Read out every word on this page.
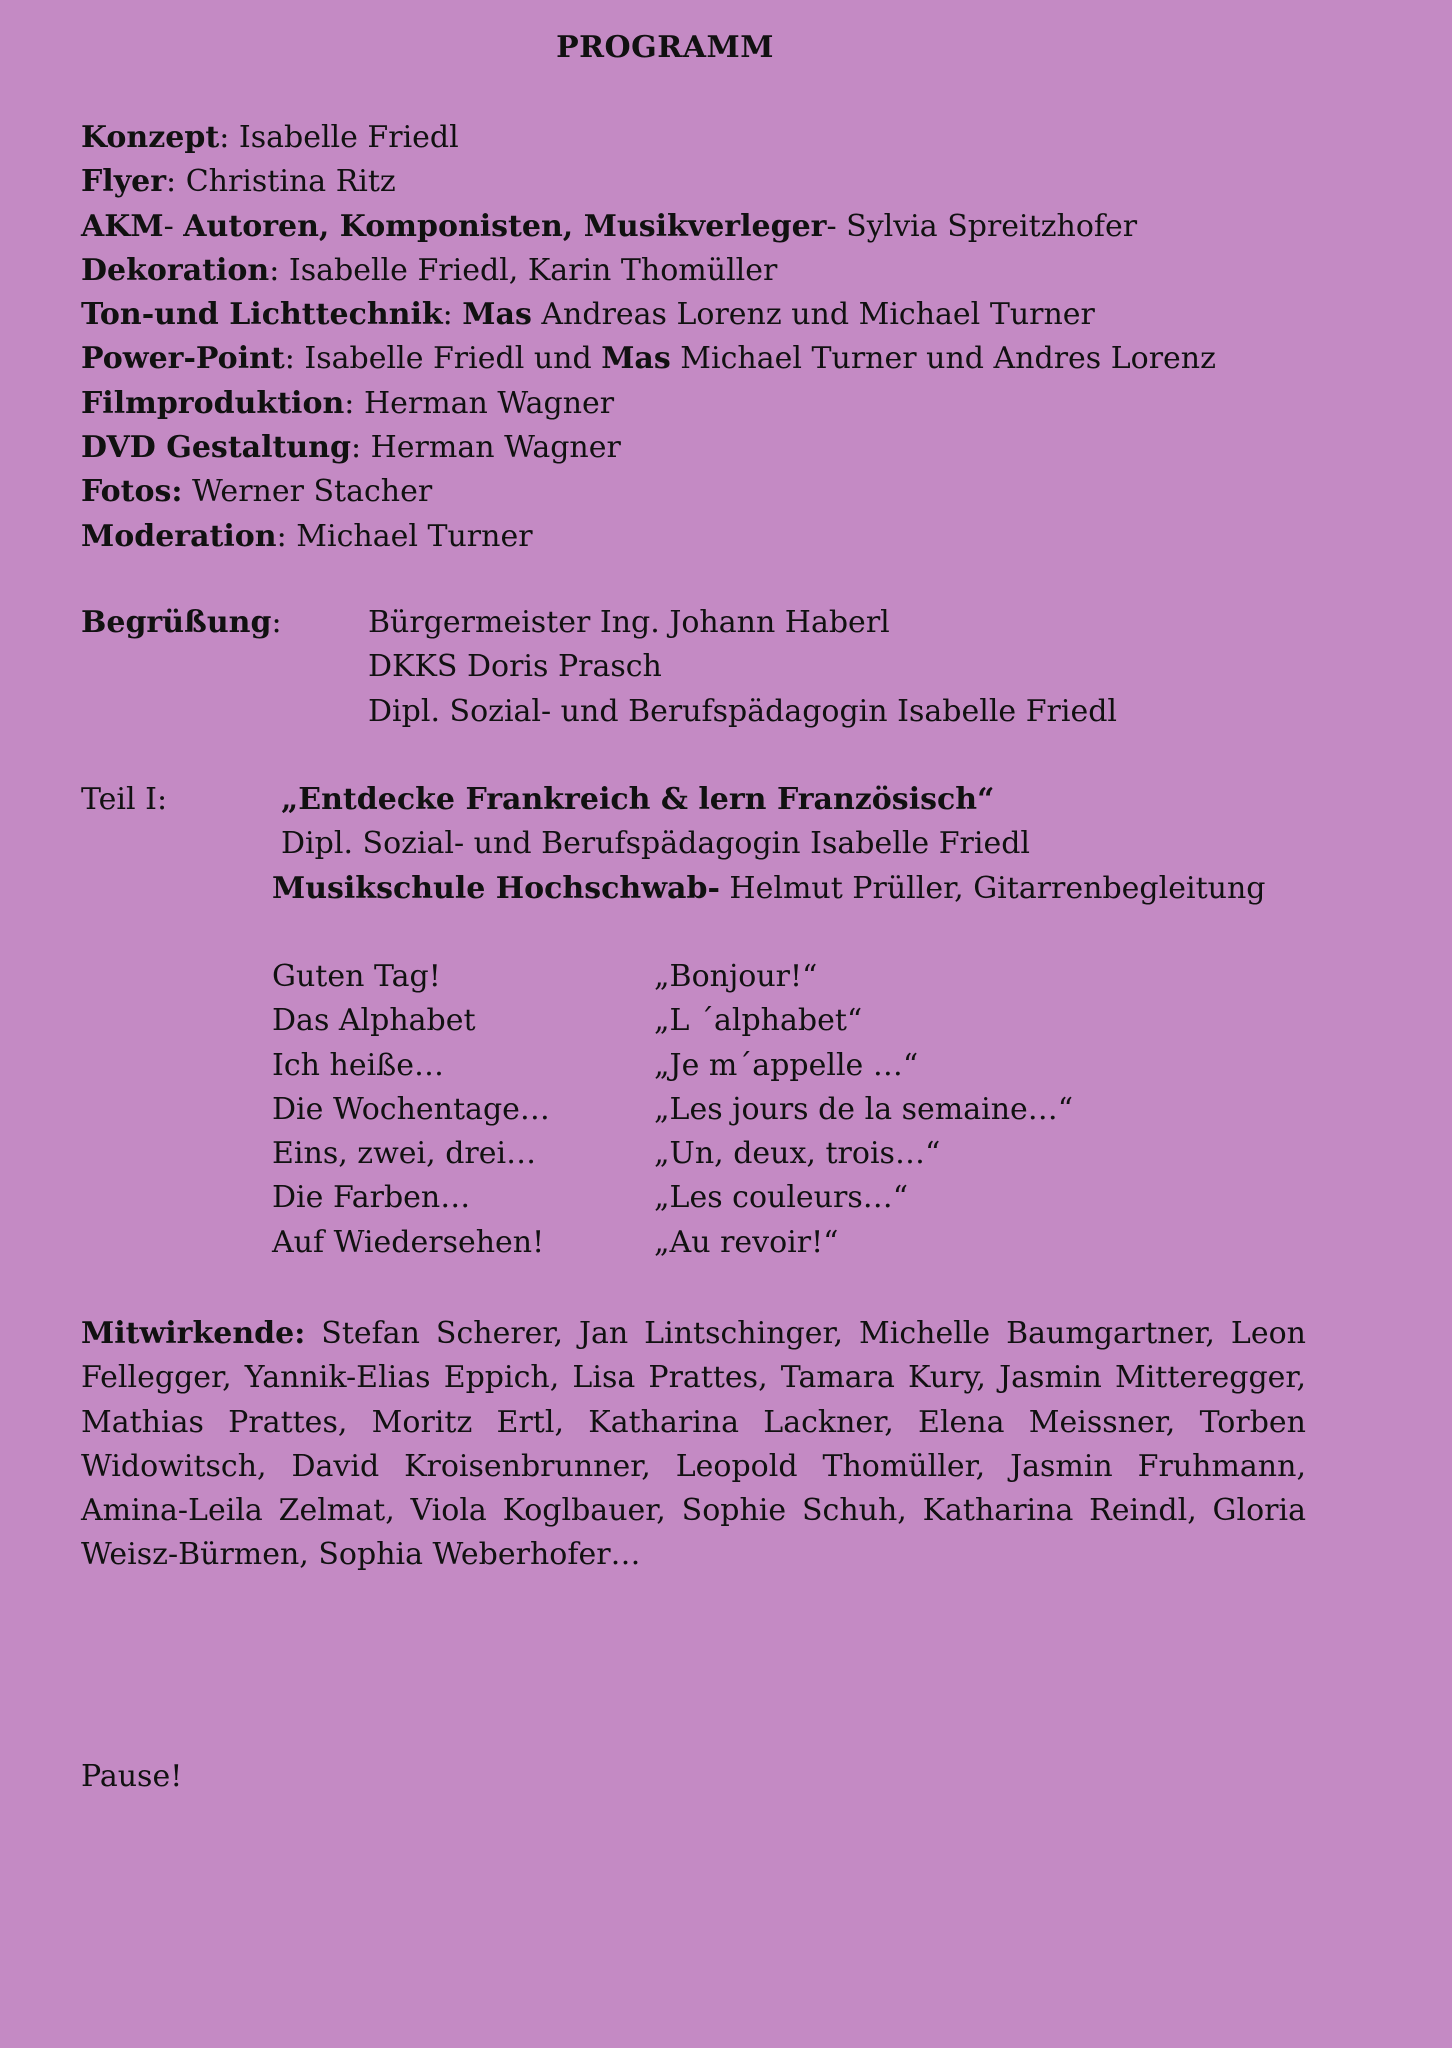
PROGRAMM
Konzept: Isabelle Friedl
Flyer: Christina Ritz
AKM- Autoren, Komponisten, Musikverleger- Sylvia Spreitzhofer
Dekoration: Isabelle Friedl, Karin Thomüller
Ton-und Lichttechnik: Mas Andreas Lorenz und Michael Turner
Power-Point: Isabelle Friedl und Mas Michael Turner und Andres Lorenz
Filmproduktion: Herman Wagner
DVD Gestaltung: Herman Wagner
Fotos: Werner Stacher
Moderation: Michael Turner
Begrüßung:	Bürgermeister Ing. Johann Haberl
DKKS Doris Prasch
Dipl. Sozial- und Berufspädagogin Isabelle Friedl
Teil I:	„Entdecke Frankreich & lern Französisch“
Dipl. Sozial- und Berufspädagogin Isabelle Friedl
Musikschule Hochschwab- Helmut Prüller, Gitarrenbegleitung
Guten Tag!	„Bonjour!“
Das Alphabet	„L ´alphabet“
Ich heiße…	„Je m´appelle …“
Die Wochentage…	„Les jours de la semaine…“
Eins, zwei, drei…	„Un, deux, trois…“
Die Farben…	„Les couleurs…“
Auf Wiedersehen!	„Au revoir!“
Mitwirkende: Stefan Scherer, Jan Lintschinger, Michelle Baumgartner, Leon Fellegger, Yannik-Elias Eppich, Lisa Prattes, Tamara Kury, Jasmin Mitteregger, Mathias Prattes, Moritz Ertl, Katharina Lackner, Elena Meissner, Torben Widowitsch, David Kroisenbrunner, Leopold Thomüller, Jasmin Fruhmann, Amina-Leila Zelmat, Viola Koglbauer, Sophie Schuh, Katharina Reindl, Gloria Weisz-Bürmen, Sophia Weberhofer…
Pause!
